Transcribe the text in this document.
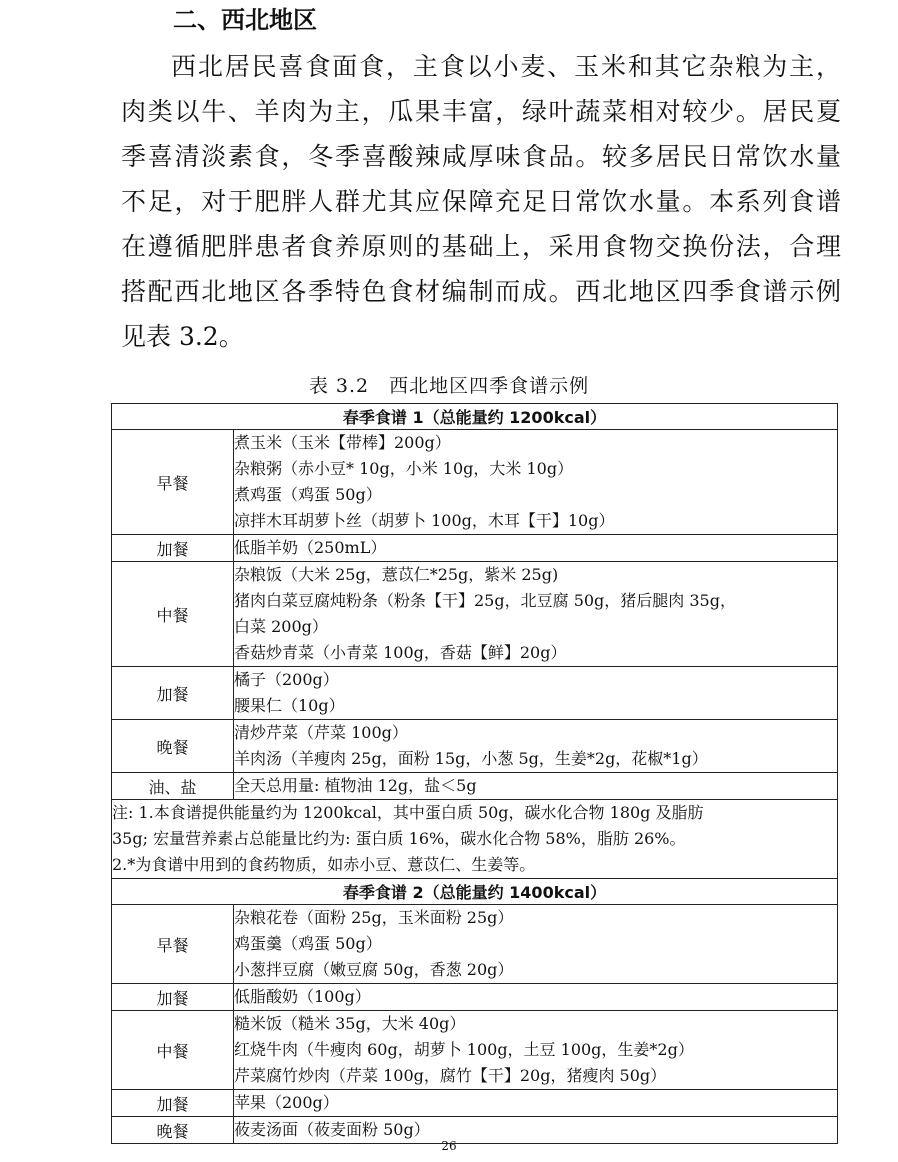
二、西北地区
西北居民喜食面食，主食以小麦、玉米和其它杂粮为主，
肉类以牛、羊肉为主，瓜果丰富，绿叶蔬菜相对较少。居民夏
季喜清淡素食，冬季喜酸辣咸厚味食品。较多居民日常饮水量
不足，对于肥胖人群尤其应保障充足日常饮水量。本系列食谱
在遵循肥胖患者食养原则的基础上，采用食物交换份法，合理
搭配西北地区各季特色食材编制而成。西北地区四季食谱示例
见表 3.2。
表 3.2　西北地区四季食谱示例
春季食谱 1（总能量约 1200kcal）	
早餐	煮玉米（玉米【带棒】200g）
杂粮粥（赤小豆* 10g，小米 10g，大米 10g）
煮鸡蛋（鸡蛋 50g）
凉拌木耳胡萝卜丝（胡萝卜 100g，木耳【干】10g）

加餐	低脂羊奶（250mL）

中餐	杂粮饭（大米 25g，薏苡仁*25g，紫米 25g)
猪肉白菜豆腐炖粉条（粉条【干】25g，北豆腐 50g，猪后腿肉 35g，
白菜 200g）
香菇炒青菜（小青菜 100g，香菇【鲜】20g）

加餐	橘子（200g）
腰果仁（10g）

晚餐	清炒芹菜（芹菜 100g）
羊肉汤（羊瘦肉 25g，面粉 15g，小葱 5g，生姜*2g，花椒*1g）

油、盐	全天总用量: 植物油 12g，盐＜5g

注: 1.本食谱提供能量约为 1200kcal，其中蛋白质 50g，碳水化合物 180g 及脂肪
35g; 宏量营养素占总能量比约为: 蛋白质 16%，碳水化合物 58%，脂肪 26%。
2.*为食谱中用到的食药物质，如赤小豆、薏苡仁、生姜等。	

春季食谱 2（总能量约 1400kcal）	
早餐	杂粮花卷（面粉 25g，玉米面粉 25g）
鸡蛋羹（鸡蛋 50g）
小葱拌豆腐（嫩豆腐 50g，香葱 20g）

加餐	低脂酸奶（100g）

中餐	糙米饭（糙米 35g，大米 40g）
红烧牛肉（牛瘦肉 60g，胡萝卜 100g，土豆 100g，生姜*2g）
芹菜腐竹炒肉（芹菜 100g，腐竹【干】20g，猪瘦肉 50g）

加餐	苹果（200g）

晚餐	莜麦汤面（莜麦面粉 50g）
26
